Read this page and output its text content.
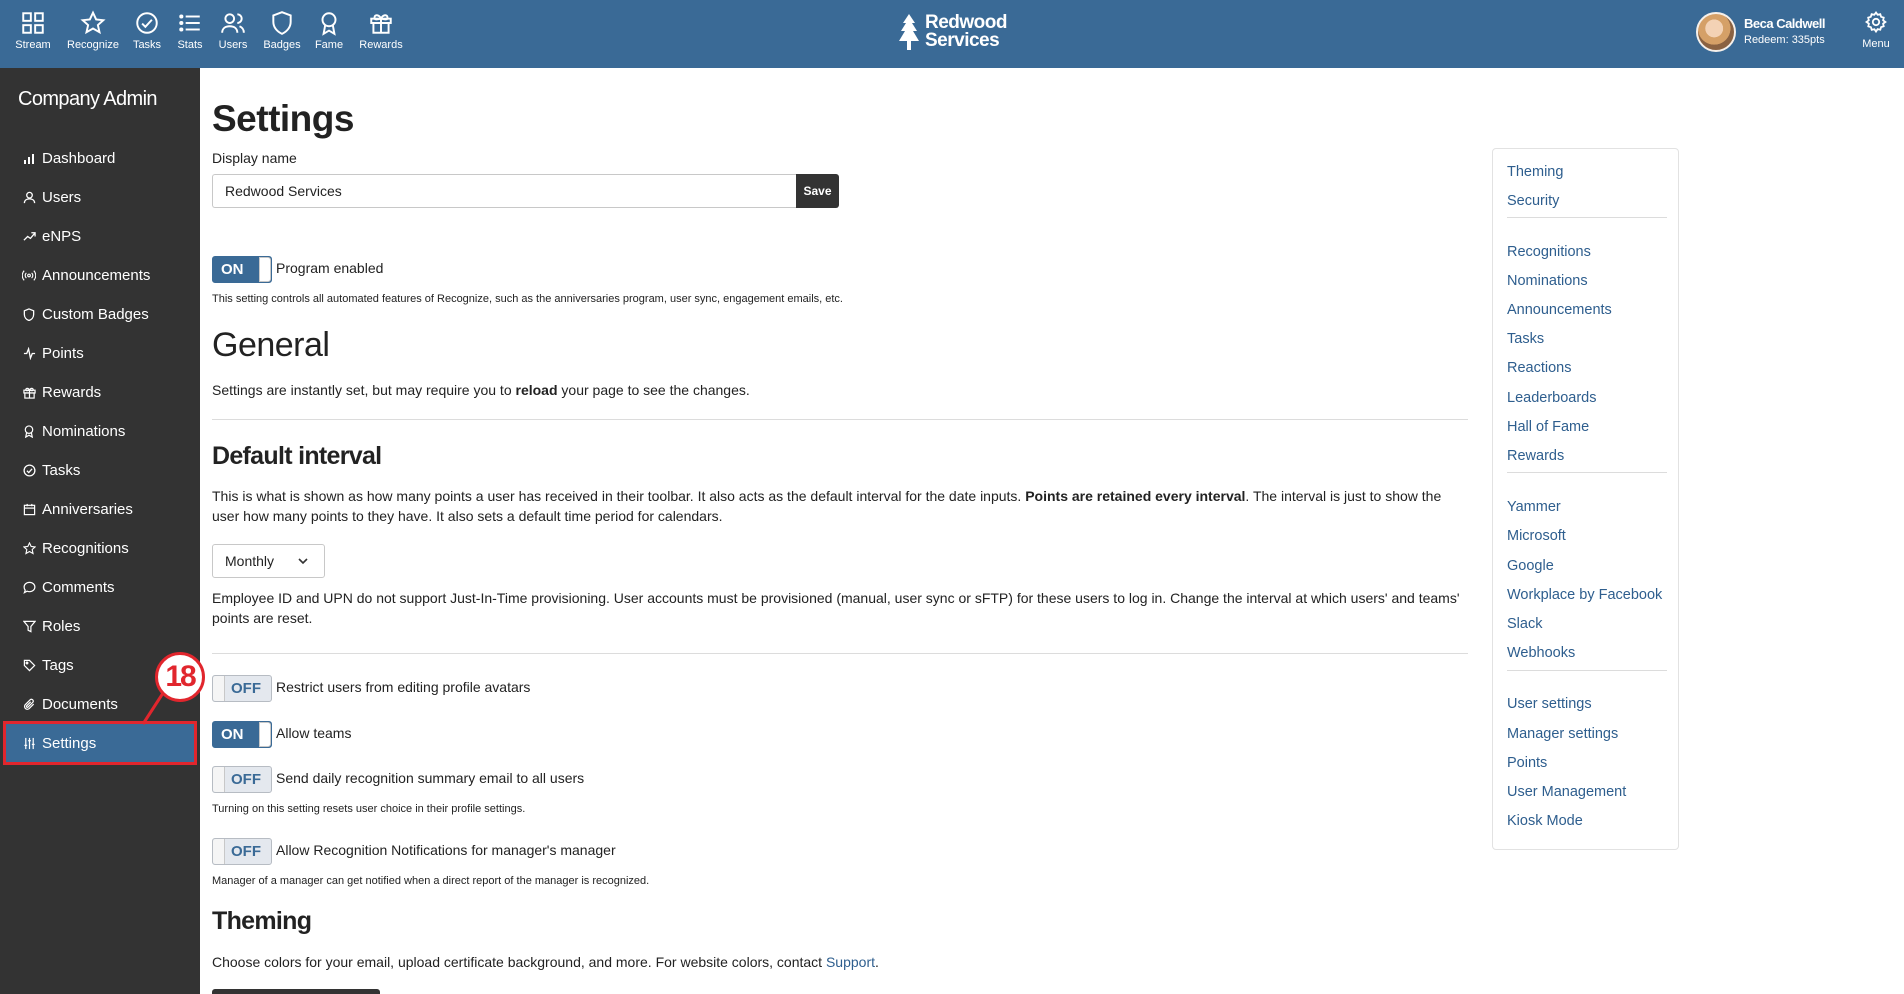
Stream	Recognize	Tasks	Stats	Users	Badges	Fame	Rewards
Redwood
Services
Beca Caldwell
Redeem: 335pts	Menu
Company Admin
Dashboard
Users
eNPS
Announcements
Custom Badges
Points
Rewards
Nominations
Tasks
Anniversaries
Recognitions
Comments
Roles
Tags
Documents
Settings
18
Settings
Display name
Redwood Services
Save
ON Program enabled
This setting controls all automated features of Recognize, such as the anniversaries program, user sync, engagement emails, etc.
General
Settings are instantly set, but may require you to reload your page to see the changes.
Default interval
This is what is shown as how many points a user has received in their toolbar. It also acts as the default interval for the date inputs. Points are retained every interval. The interval is just to show the user how many points to they have. It also sets a default time period for calendars.
Monthly
Employee ID and UPN do not support Just-In-Time provisioning. User accounts must be provisioned (manual, user sync or sFTP) for these users to log in. Change the interval at which users' and teams' points are reset.
OFF Restrict users from editing profile avatars
ON Allow teams
OFF Send daily recognition summary email to all users
Turning on this setting resets user choice in their profile settings.
OFF Allow Recognition Notifications for manager's manager
Manager of a manager can get notified when a direct report of the manager is recognized.
Theming
Choose colors for your email, upload certificate background, and more. For website colors, contact Support.
Theming
Security
Recognitions
Nominations
Announcements
Tasks
Reactions
Leaderboards
Hall of Fame
Rewards
Yammer
Microsoft
Google
Workplace by Facebook
Slack
Webhooks
User settings
Manager settings
Points
User Management
Kiosk Mode
